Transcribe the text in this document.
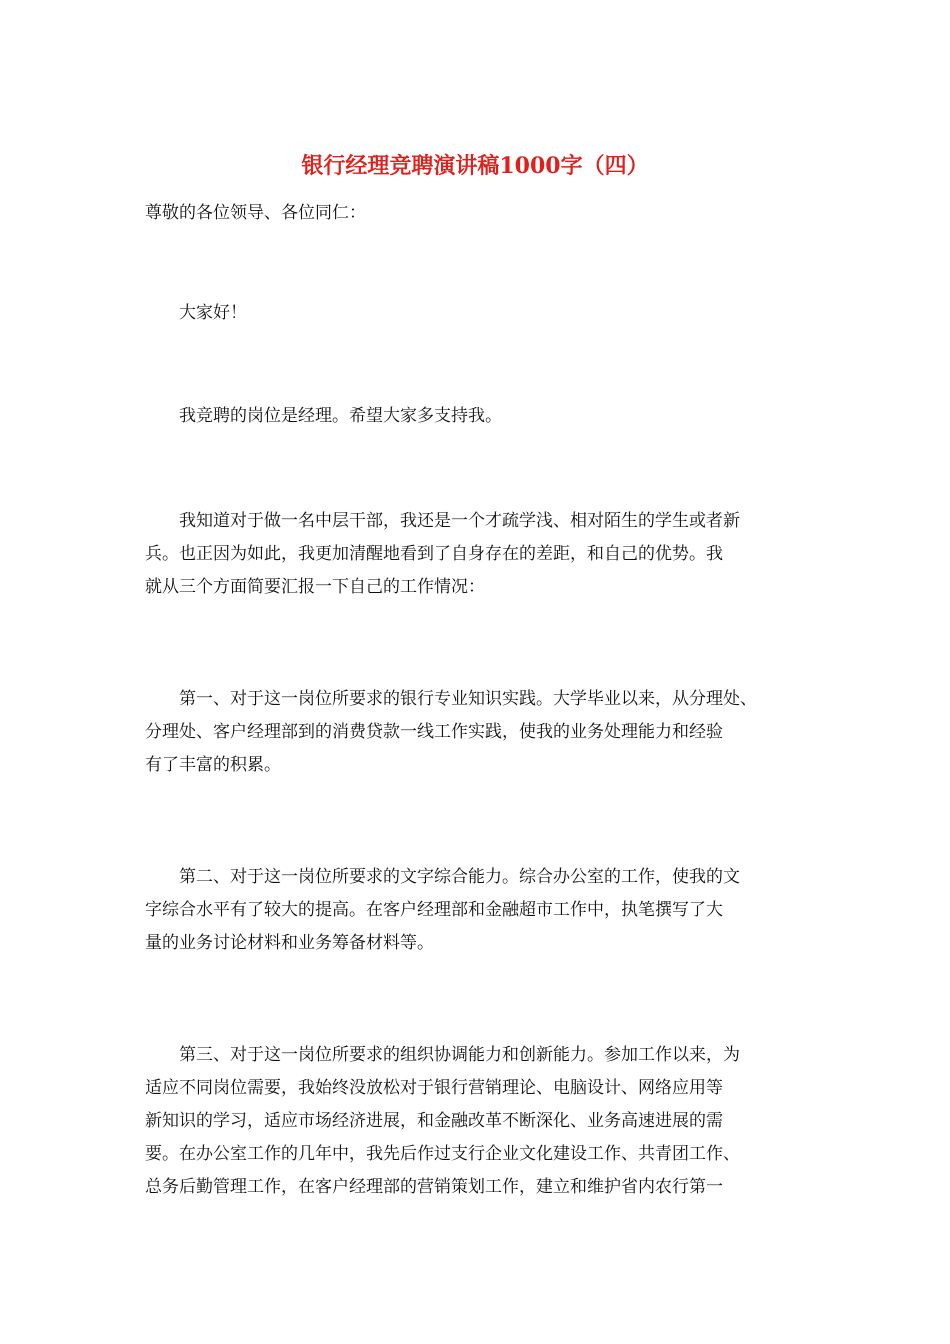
银行经理竞聘演讲稿1000字（四）
尊敬的各位领导、各位同仁：
　　大家好！
　　我竞聘的岗位是经理。希望大家多支持我。
　　我知道对于做一名中层干部，我还是一个才疏学浅、相对陌生的学生或者新
兵。也正因为如此，我更加清醒地看到了自身存在的差距，和自己的优势。我
就从三个方面简要汇报一下自己的工作情况：
　　第一、对于这一岗位所要求的银行专业知识实践。大学毕业以来，从分理处、
分理处、客户经理部到的消费贷款一线工作实践，使我的业务处理能力和经验
有了丰富的积累。
　　第二、对于这一岗位所要求的文字综合能力。综合办公室的工作，使我的文
字综合水平有了较大的提高。在客户经理部和金融超市工作中，执笔撰写了大
量的业务讨论材料和业务筹备材料等。
　　第三、对于这一岗位所要求的组织协调能力和创新能力。参加工作以来，为
适应不同岗位需要，我始终没放松对于银行营销理论、电脑设计、网络应用等
新知识的学习，适应市场经济进展，和金融改革不断深化、业务高速进展的需
要。在办公室工作的几年中，我先后作过支行企业文化建设工作、共青团工作、
总务后勤管理工作，在客户经理部的营销策划工作，建立和维护省内农行第一
